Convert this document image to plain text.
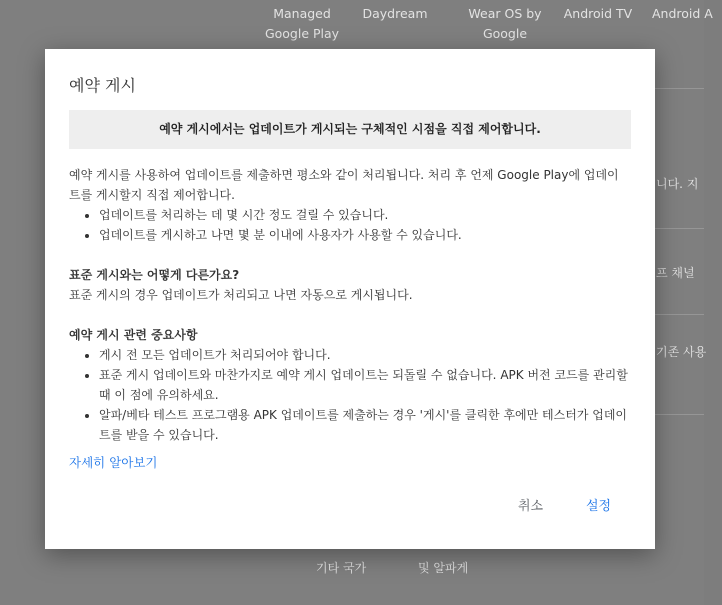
Managed Google Play
Daydream	Wear OS by Google
Android TV Android A
니다. 지
프 채널
기존 사용
기타 국가	및 알파게
예약 게시
예약 게시에서는 업데이트가 게시되는 구체적인 시점을 직접 제어합니다.

예약 게시를 사용하여 업데이트를 제출하면 평소와 같이 처리됩니다. 처리 후 언제 Google Play에 업데이트를 게시할지 직접 제어합니다.

• 업데이트를 처리하는 데 몇 시간 정도 걸릴 수 있습니다.
• 업데이트를 게시하고 나면 몇 분 이내에 사용자가 사용할 수 있습니다.

표준 게시와는 어떻게 다른가요?

표준 게시의 경우 업데이트가 처리되고 나면 자동으로 게시됩니다.

예약 게시 관련 중요사항

• 게시 전 모든 업데이트가 처리되어야 합니다.
• 표준 게시 업데이트와 마찬가지로 예약 게시 업데이트는 되돌릴 수 없습니다. APK 버전 코드를 관리할 때 이 점에 유의하세요.
• 알파/베타 테스트 프로그램용 APK 업데이트를 제출하는 경우 '게시'를 클릭한 후에만 테스터가 업데이트를 받을 수 있습니다.
자세히 알아보기
취소	설정
